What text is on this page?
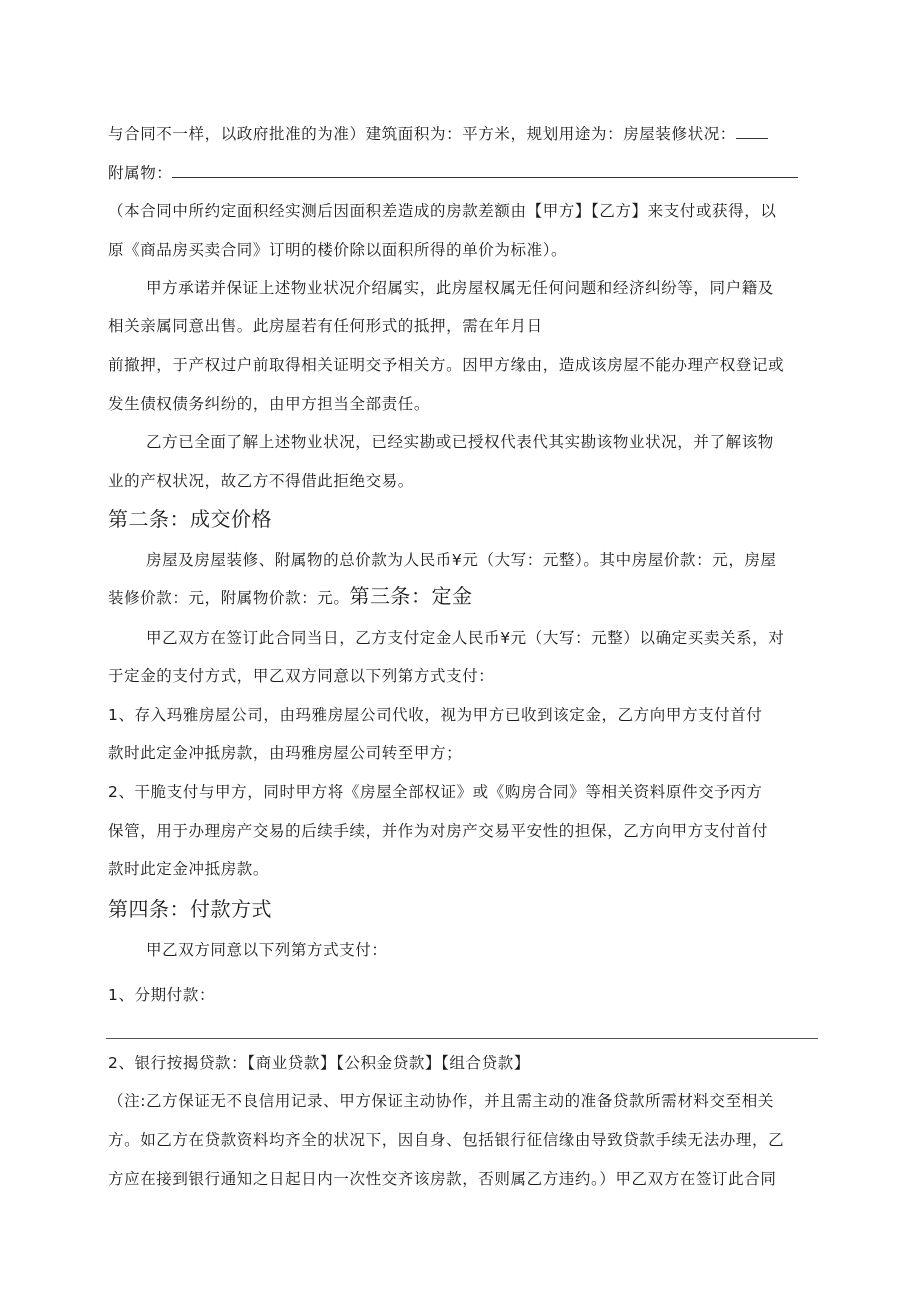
与合同不一样，以政府批准的为准）建筑面积为：平方米，规划用途为：房屋装修状况：
附属物：
（本合同中所约定面积经实测后因面积差造成的房款差额由【甲方】【乙方】来支付或获得，以
原《商品房买卖合同》订明的楼价除以面积所得的单价为标准）。
甲方承诺并保证上述物业状况介绍属实，此房屋权属无任何问题和经济纠纷等，同户籍及
相关亲属同意出售。此房屋若有任何形式的抵押，需在年月日
前撤押，于产权过户前取得相关证明交予相关方。因甲方缘由，造成该房屋不能办理产权登记或
发生债权债务纠纷的，由甲方担当全部责任。
乙方已全面了解上述物业状况，已经实勘或已授权代表代其实勘该物业状况，并了解该物
业的产权状况，故乙方不得借此拒绝交易。
第二条：成交价格
房屋及房屋装修、附属物的总价款为人民币¥元（大写：元整）。其中房屋价款：元，房屋
装修价款：元，附属物价款：元。第三条：定金
甲乙双方在签订此合同当日，乙方支付定金人民币¥元（大写：元整）以确定买卖关系，对
于定金的支付方式，甲乙双方同意以下列第方式支付：
1、存入玛雅房屋公司，由玛雅房屋公司代收，视为甲方已收到该定金，乙方向甲方支付首付
款时此定金冲抵房款，由玛雅房屋公司转至甲方；
2、干脆支付与甲方，同时甲方将《房屋全部权证》或《购房合同》等相关资料原件交予丙方
保管，用于办理房产交易的后续手续，并作为对房产交易平安性的担保，乙方向甲方支付首付
款时此定金冲抵房款。
第四条：付款方式
甲乙双方同意以下列第方式支付：
1、分期付款：
2、银行按揭贷款：【商业贷款】【公积金贷款】【组合贷款】
（注:乙方保证无不良信用记录、甲方保证主动协作，并且需主动的准备贷款所需材料交至相关
方。如乙方在贷款资料均齐全的状况下，因自身、包括银行征信缘由导致贷款手续无法办理，乙
方应在接到银行通知之日起日内一次性交齐该房款，否则属乙方违约。）甲乙双方在签订此合同
